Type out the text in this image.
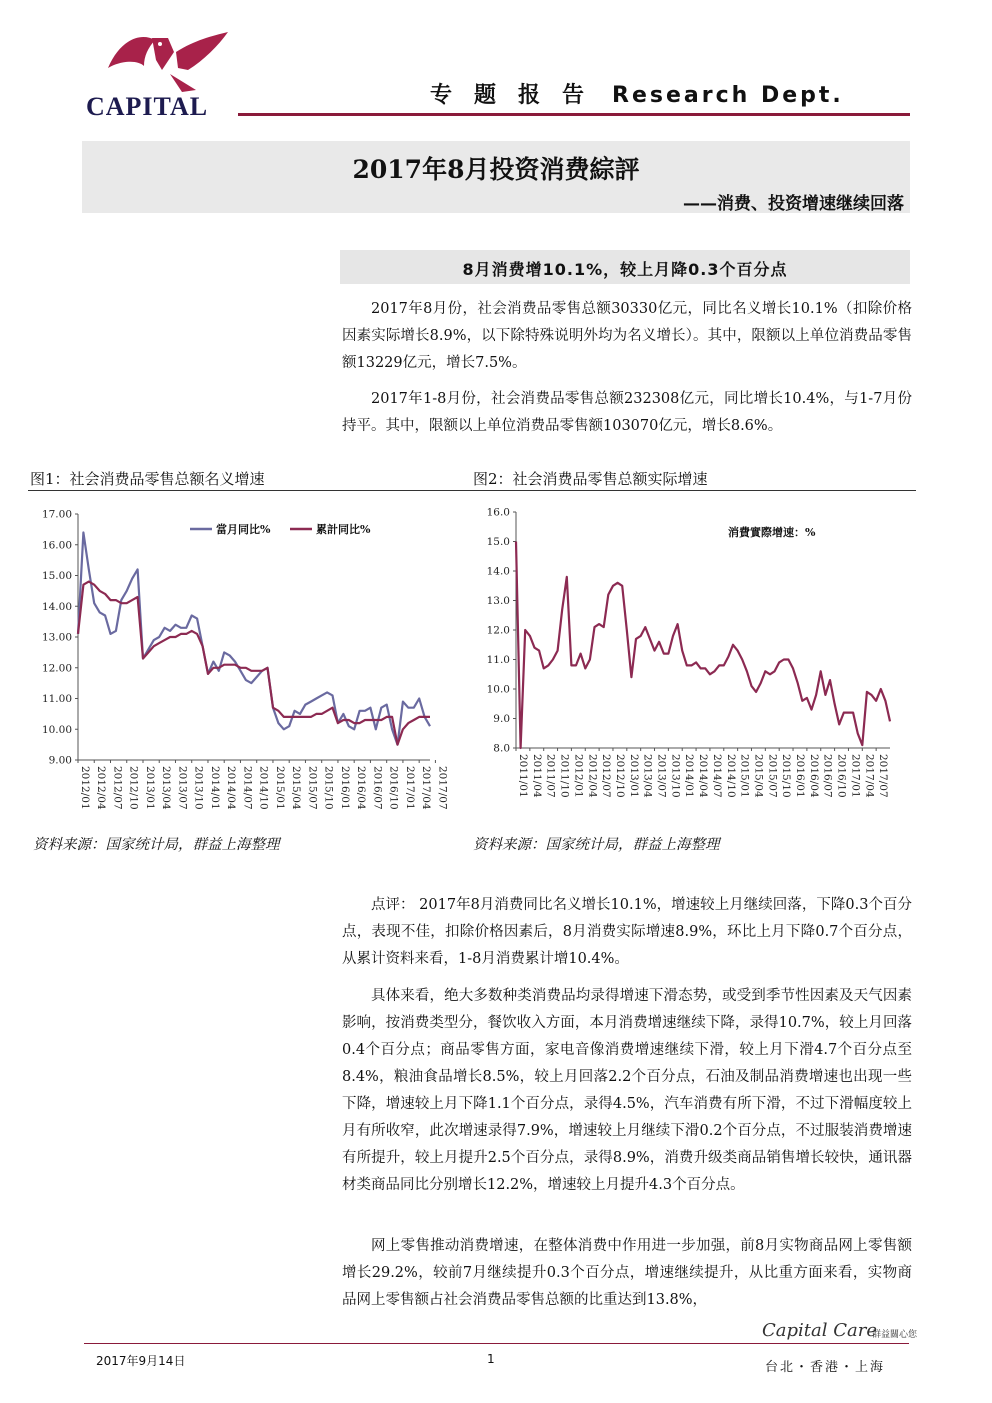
CAPITAL	专题报告 Research Dept.
2017年8月投资消费綜評
——消费、投资增速继续回落
8月消费增10.1%，较上月降0.3个百分点
2017年8月份，社会消费品零售总额30330亿元，同比名义增长10.1%（扣除价格因素实际增长8.9%，以下除特殊说明外均为名义增长）。其中，限额以上单位消费品零售额13229亿元，增长7.5%。
2017年1-8月份，社会消费品零售总额232308亿元，同比增长10.4%，与1-7月份持平。其中，限额以上单位消费品零售额103070亿元，增长8.6%。
图1：社会消费品零售总额名义增速	图2：社会消费品零售总额实际增速
9.00
10.00
11.00
12.00
13.00
14.00
15.00
16.00
17.00
2012/01 2012/04 2012/07 2012/10 2013/01 2013/04 2013/07 2013/10 2014/01 2014/04 2014/07 2014/10 2015/01 2015/04 2015/07 2015/10 2016/01 2016/04 2016/07 2016/10 2017/01 2017/04 2017/07
當月同比%	累計同比%
8.0
9.0
10.0
11.0
12.0
13.0
14.0
15.0
16.0
2011/01 2011/04 2011/07 2011/10 2012/01 2012/04 2012/07 2012/10 2013/01 2013/04 2013/07 2013/10 2014/01 2014/04 2014/07 2014/10 2015/01 2015/04 2015/07 2015/10 2016/01 2016/04 2016/07 2016/10 2017/01 2017/04 2017/07
消費實際增速：%
资料来源：国家统计局，群益上海整理	资料来源：国家统计局，群益上海整理
点评： 2017年8月消费同比名义增长10.1%，增速较上月继续回落，下降0.3个百分点，表现不佳，扣除价格因素后，8月消费实际增速8.9%，环比上月下降0.7个百分点，从累计资料来看，1-8月消费累计增10.4%。
具体来看，绝大多数种类消费品均录得增速下滑态势，或受到季节性因素及天气因素影响，按消费类型分，餐饮收入方面，本月消费增速继续下降，录得10.7%，较上月回落0.4个百分点；商品零售方面，家电音像消费增速继续下滑，较上月下滑4.7个百分点至8.4%，粮油食品增长8.5%，较上月回落2.2个百分点，石油及制品消费增速也出现一些下降，增速较上月下降1.1个百分点，录得4.5%，汽车消费有所下滑，不过下滑幅度较上月有所收窄，此次增速录得7.9%，增速较上月继续下滑0.2个百分点，不过服装消费增速有所提升，较上月提升2.5个百分点，录得8.9%，消费升级类商品销售增长较快，通讯器材类商品同比分别增长12.2%，增速较上月提升4.3个百分点。
网上零售推动消费增速，在整体消费中作用进一步加强，前8月实物商品网上零售额增长29.2%，较前7月继续提升0.3个百分点，增速继续提升，从比重方面来看，实物商品网上零售额占社会消费品零售总额的比重达到13.8%，
Capital Care
群益關心您
2017年9月14日	1
台北・香港・上海
